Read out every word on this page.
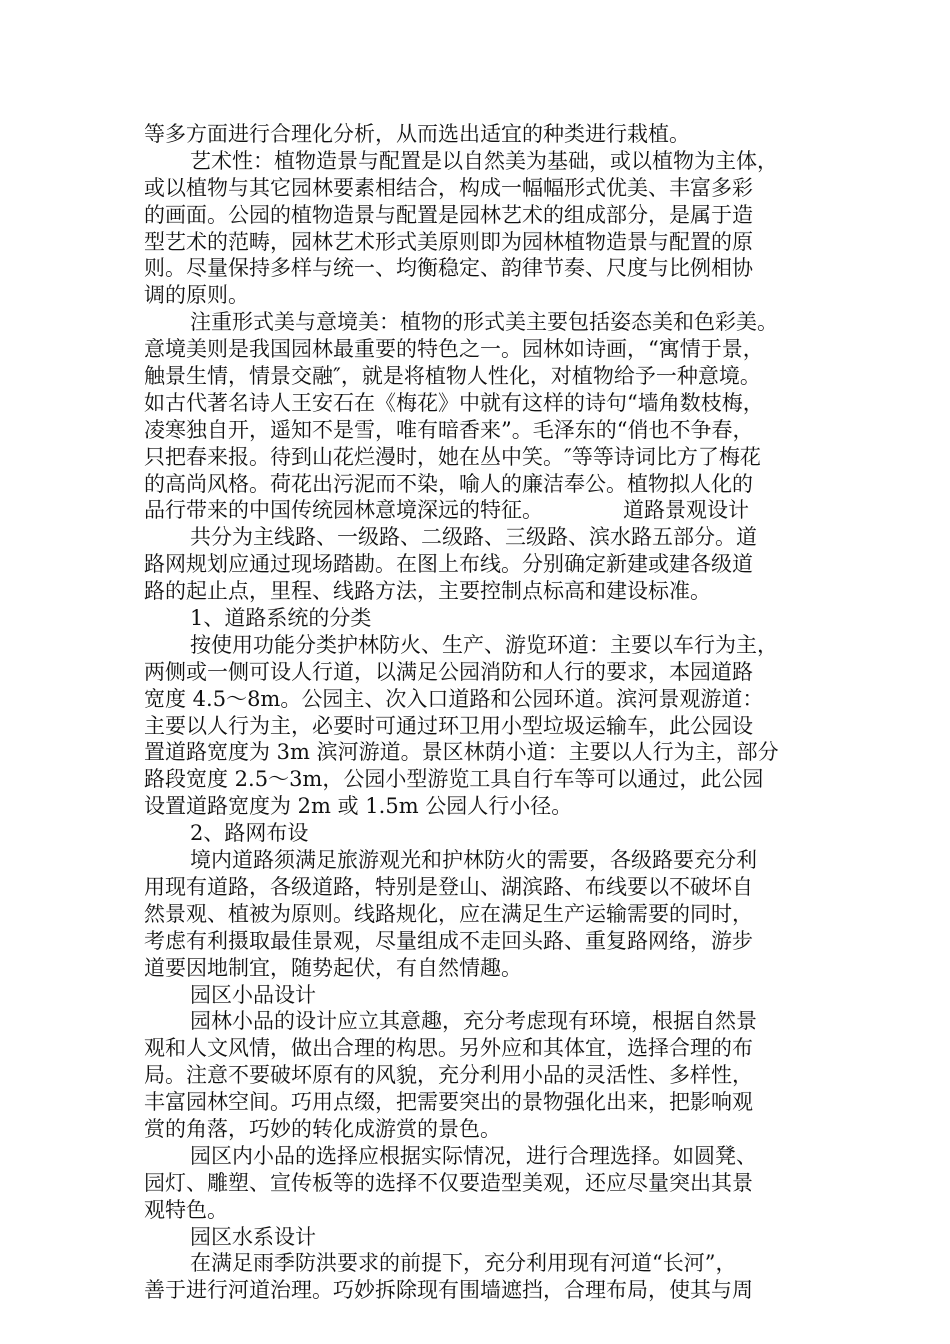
等多方面进行合理化分析，从而选出适宜的种类进行栽植。
艺术性：植物造景与配置是以自然美为基础，或以植物为主体，
或以植物与其它园林要素相结合，构成一幅幅形式优美、丰富多彩
的画面。公园的植物造景与配置是园林艺术的组成部分，是属于造
型艺术的范畴，园林艺术形式美原则即为园林植物造景与配置的原
则。尽量保持多样与统一、均衡稳定、韵律节奏、尺度与比例相协
调的原则。
注重形式美与意境美：植物的形式美主要包括姿态美和色彩美。
意境美则是我国园林最重要的特色之一。园林如诗画，“寓情于景，
触景生情，情景交融″，就是将植物人性化，对植物给予一种意境。
如古代著名诗人王安石在《梅花》中就有这样的诗句“墙角数枝梅，
凌寒独自开，遥知不是雪，唯有暗香来”。毛泽东的“俏也不争春，
只把春来报。待到山花烂漫时，她在丛中笑。″等等诗词比方了梅花
的高尚风格。荷花出污泥而不染，喻人的廉洁奉公。植物拟人化的
品行带来的中国传统园林意境深远的特征。	道路景观设计
共分为主线路、一级路、二级路、三级路、滨水路五部分。道
路网规划应通过现场踏勘。在图上布线。分别确定新建或建各级道
路的起止点，里程、线路方法，主要控制点标高和建设标准。
1、道路系统的分类
按使用功能分类护林防火、生产、游览环道：主要以车行为主，
两侧或一侧可设人行道，以满足公园消防和人行的要求，本园道路
宽度 4.5～8m。公园主、次入口道路和公园环道。滨河景观游道：
主要以人行为主，必要时可通过环卫用小型垃圾运输车，此公园设
置道路宽度为 3m 滨河游道。景区林荫小道：主要以人行为主，部分
路段宽度 2.5～3m，公园小型游览工具自行车等可以通过，此公园
设置道路宽度为 2m 或 1.5m 公园人行小径。
2、路网布设
境内道路须满足旅游观光和护林防火的需要，各级路要充分利
用现有道路，各级道路，特别是登山、湖滨路、布线要以不破坏自
然景观、植被为原则。线路规化，应在满足生产运输需要的同时，
考虑有利摄取最佳景观，尽量组成不走回头路、重复路网络，游步
道要因地制宜，随势起伏，有自然情趣。
园区小品设计
园林小品的设计应立其意趣，充分考虑现有环境，根据自然景
观和人文风情，做出合理的构思。另外应和其体宜，选择合理的布
局。注意不要破坏原有的风貌，充分利用小品的灵活性、多样性，
丰富园林空间。巧用点缀，把需要突出的景物强化出来，把影响观
赏的角落，巧妙的转化成游赏的景色。
园区内小品的选择应根据实际情况，进行合理选择。如圆凳、
园灯、雕塑、宣传板等的选择不仅要造型美观，还应尽量突出其景
观特色。
园区水系设计
在满足雨季防洪要求的前提下，充分利用现有河道“长河”，
善于进行河道治理。巧妙拆除现有围墙遮挡，合理布局，使其与周
